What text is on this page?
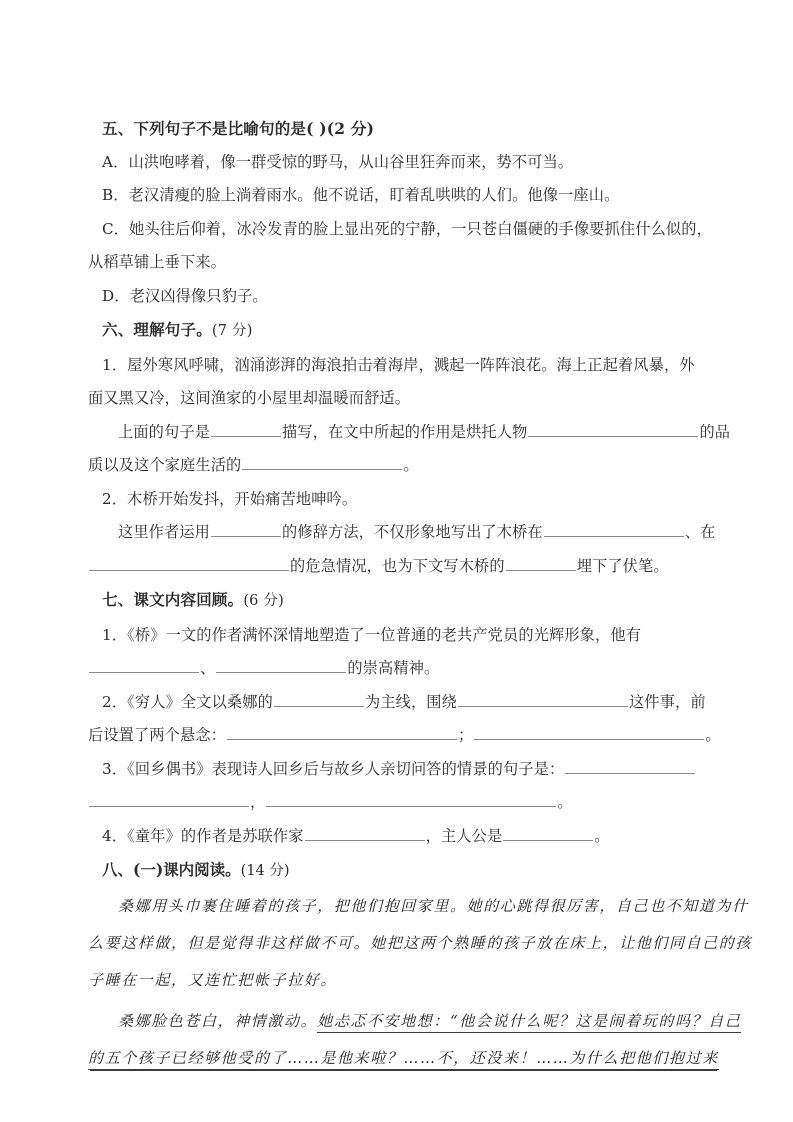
五、下列句子不是比喻句的是( )(2 分)
A．山洪咆哮着，像一群受惊的野马，从山谷里狂奔而来，势不可当。
B．老汉清瘦的脸上淌着雨水。他不说话，盯着乱哄哄的人们。他像一座山。
C．她头往后仰着，冰冷发青的脸上显出死的宁静，一只苍白僵硬的手像要抓住什么似的，
从稻草铺上垂下来。
D．老汉凶得像只豹子。
六、理解句子。(7 分)
1．屋外寒风呼啸，汹涌澎湃的海浪拍击着海岸，溅起一阵阵浪花。海上正起着风暴，外
面又黑又冷，这间渔家的小屋里却温暖而舒适。
上面的句子是	描写，在文中所起的作用是烘托人物	的品
质以及这个家庭生活的	。
2．木桥开始发抖，开始痛苦地呻吟。
这里作者运用	的修辞方法，不仅形象地写出了木桥在	、在
的危急情况，也为下文写木桥的	埋下了伏笔。
七、课文内容回顾。(6 分)
1．《桥》一文的作者满怀深情地塑造了一位普通的老共产党员的光辉形象，他有
、	的崇高精神。
2．《穷人》全文以桑娜的	为主线，围绕	这件事，前
后设置了两个悬念：	；	。
3．《回乡偶书》表现诗人回乡后与故乡人亲切问答的情景的句子是：
，	。
4．《童年》的作者是苏联作家	，主人公是	。
八、(一)课内阅读。(14 分)
桑娜用头巾裹住睡着的孩子，把他们抱回家里。她的心跳得很厉害，自己也不知道为什
么要这样做，但是觉得非这样做不可。她把这两个熟睡的孩子放在床上，让他们同自己的孩
子睡在一起，又连忙把帐子拉好。
桑娜脸色苍白，神情激动。她忐忑不安地想：“他会说什么呢？这是闹着玩的吗？自己
的五个孩子已经够他受的了……是他来啦？……不，还没来！……为什么把他们抱过来
